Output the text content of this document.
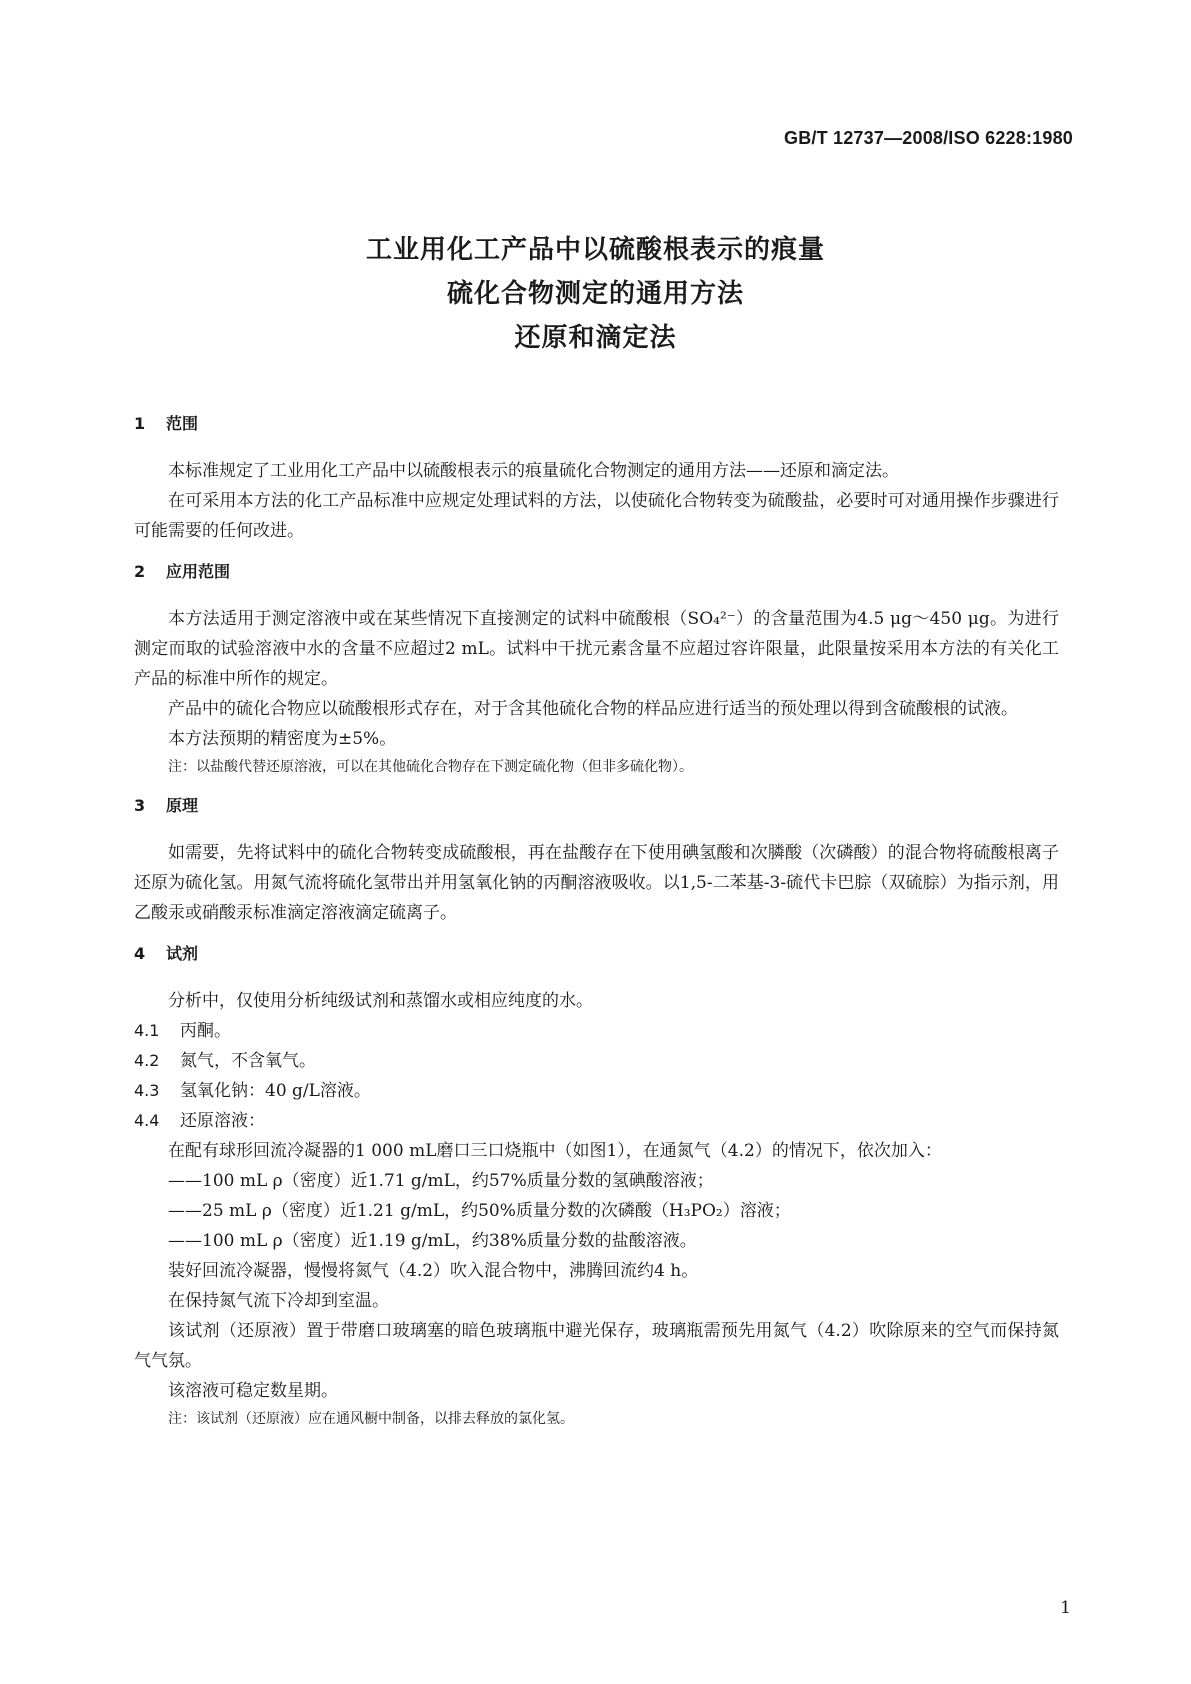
GB/T 12737—2008/ISO 6228:1980
工业用化工产品中以硫酸根表示的痕量
硫化合物测定的通用方法
还原和滴定法
1 范围

本标准规定了工业用化工产品中以硫酸根表示的痕量硫化合物测定的通用方法——还原和滴定法。

在可采用本方法的化工产品标准中应规定处理试料的方法，以使硫化合物转变为硫酸盐，必要时可对通用操作步骤进行可能需要的任何改进。

2 应用范围

本方法适用于测定溶液中或在某些情况下直接测定的试料中硫酸根（SO₄²⁻）的含量范围为4.5 μg～450 μg。为进行测定而取的试验溶液中水的含量不应超过2 mL。试料中干扰元素含量不应超过容许限量，此限量按采用本方法的有关化工产品的标准中所作的规定。

产品中的硫化合物应以硫酸根形式存在，对于含其他硫化合物的样品应进行适当的预处理以得到含硫酸根的试液。

本方法预期的精密度为±5%。

注：以盐酸代替还原溶液，可以在其他硫化合物存在下测定硫化物（但非多硫化物）。

3 原理

如需要，先将试料中的硫化合物转变成硫酸根，再在盐酸存在下使用碘氢酸和次膦酸（次磷酸）的混合物将硫酸根离子还原为硫化氢。用氮气流将硫化氢带出并用氢氧化钠的丙酮溶液吸收。以1,5-二苯基-3-硫代卡巴腙（双硫腙）为指示剂，用乙酸汞或硝酸汞标准滴定溶液滴定硫离子。

4 试剂

分析中，仅使用分析纯级试剂和蒸馏水或相应纯度的水。

4.1 丙酮。
4.2 氮气，不含氧气。
4.3 氢氧化钠：40 g/L溶液。
4.4 还原溶液：

在配有球形回流冷凝器的1 000 mL磨口三口烧瓶中（如图1），在通氮气（4.2）的情况下，依次加入：

——100 mL ρ（密度）近1.71 g/mL，约57%质量分数的氢碘酸溶液；
——25 mL ρ（密度）近1.21 g/mL，约50%质量分数的次磷酸（H₃PO₂）溶液；
——100 mL ρ（密度）近1.19 g/mL，约38%质量分数的盐酸溶液。

装好回流冷凝器，慢慢将氮气（4.2）吹入混合物中，沸腾回流约4 h。

在保持氮气流下冷却到室温。

该试剂（还原液）置于带磨口玻璃塞的暗色玻璃瓶中避光保存，玻璃瓶需预先用氮气（4.2）吹除原来的空气而保持氮气气氛。

该溶液可稳定数星期。

注：该试剂（还原液）应在通风橱中制备，以排去释放的氯化氢。

1
